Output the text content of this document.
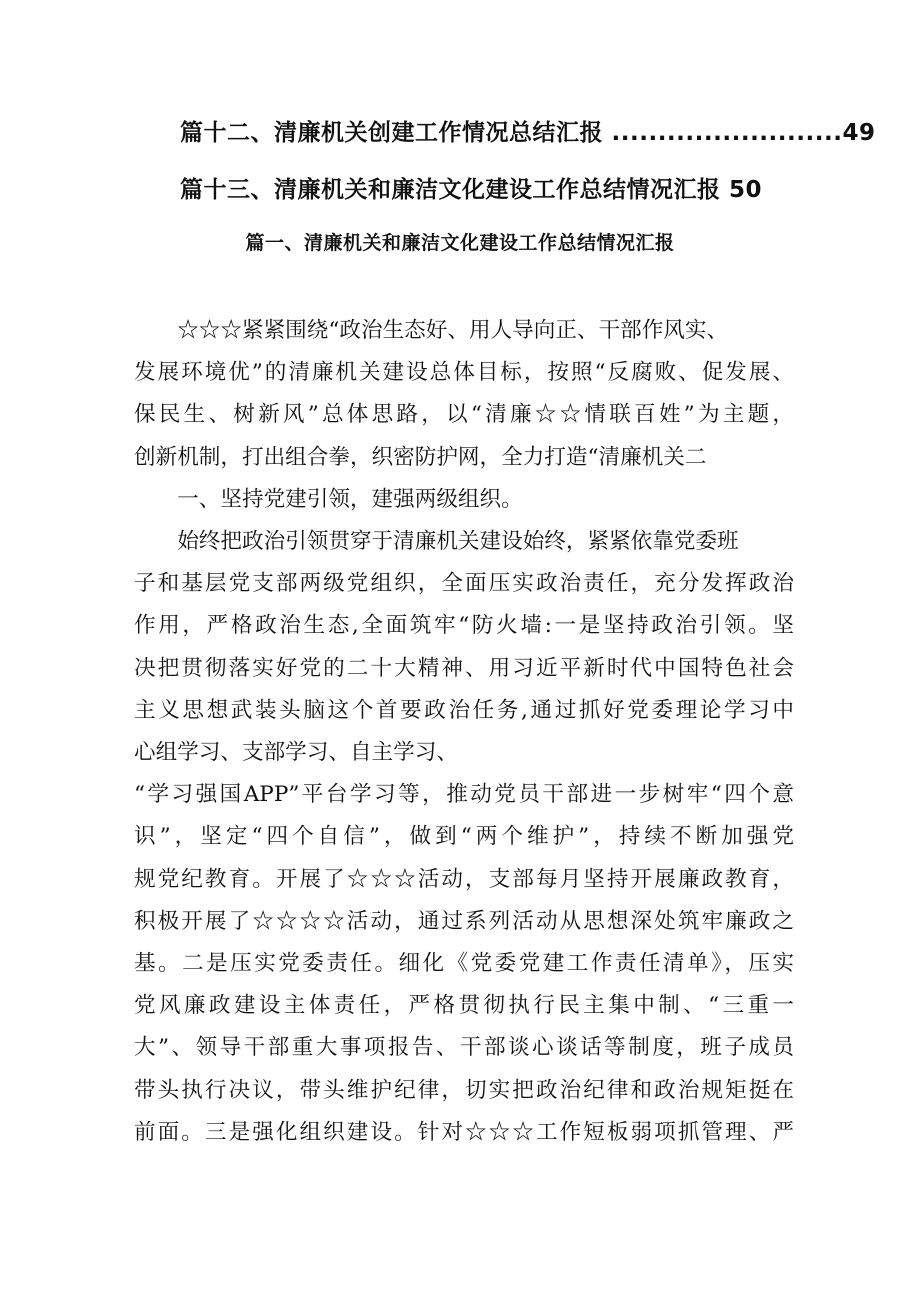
篇十二、清廉机关创建工作情况总结汇报 .........................49
篇十三、清廉机关和廉洁文化建设工作总结情况汇报 50
篇一、清廉机关和廉洁文化建设工作总结情况汇报
☆☆☆紧紧围绕“政治生态好、用人导向正、干部作风实、
发展环境优”的清廉机关建设总体目标，按照“反腐败、促发展、
保民生、树新风”总体思路，以“清廉☆☆情联百姓”为主题，
创新机制，打出组合拳，织密防护网，全力打造“清廉机关二
一、坚持党建引领，建强两级组织。
始终把政治引领贯穿于清廉机关建设始终，紧紧依靠党委班
子和基层党支部两级党组织，全面压实政治责任，充分发挥政治
作用，严格政治生态,全面筑牢“防火墙:一是坚持政治引领。坚
决把贯彻落实好党的二十大精神、用习近平新时代中国特色社会
主义思想武装头脑这个首要政治任务,通过抓好党委理论学习中
心组学习、支部学习、自主学习、
“学习强国APP”平台学习等，推动党员干部进一步树牢“四个意
识”，坚定“四个自信”，做到“两个维护”，持续不断加强党
规党纪教育。开展了☆☆☆活动，支部每月坚持开展廉政教育，
积极开展了☆☆☆☆活动，通过系列活动从思想深处筑牢廉政之
基。二是压实党委责任。细化《党委党建工作责任清单》，压实
党风廉政建设主体责任，严格贯彻执行民主集中制、“三重一
大”、领导干部重大事项报告、干部谈心谈话等制度，班子成员
带头执行决议，带头维护纪律，切实把政治纪律和政治规矩挺在
前面。三是强化组织建设。针对☆☆☆工作短板弱项抓管理、严
